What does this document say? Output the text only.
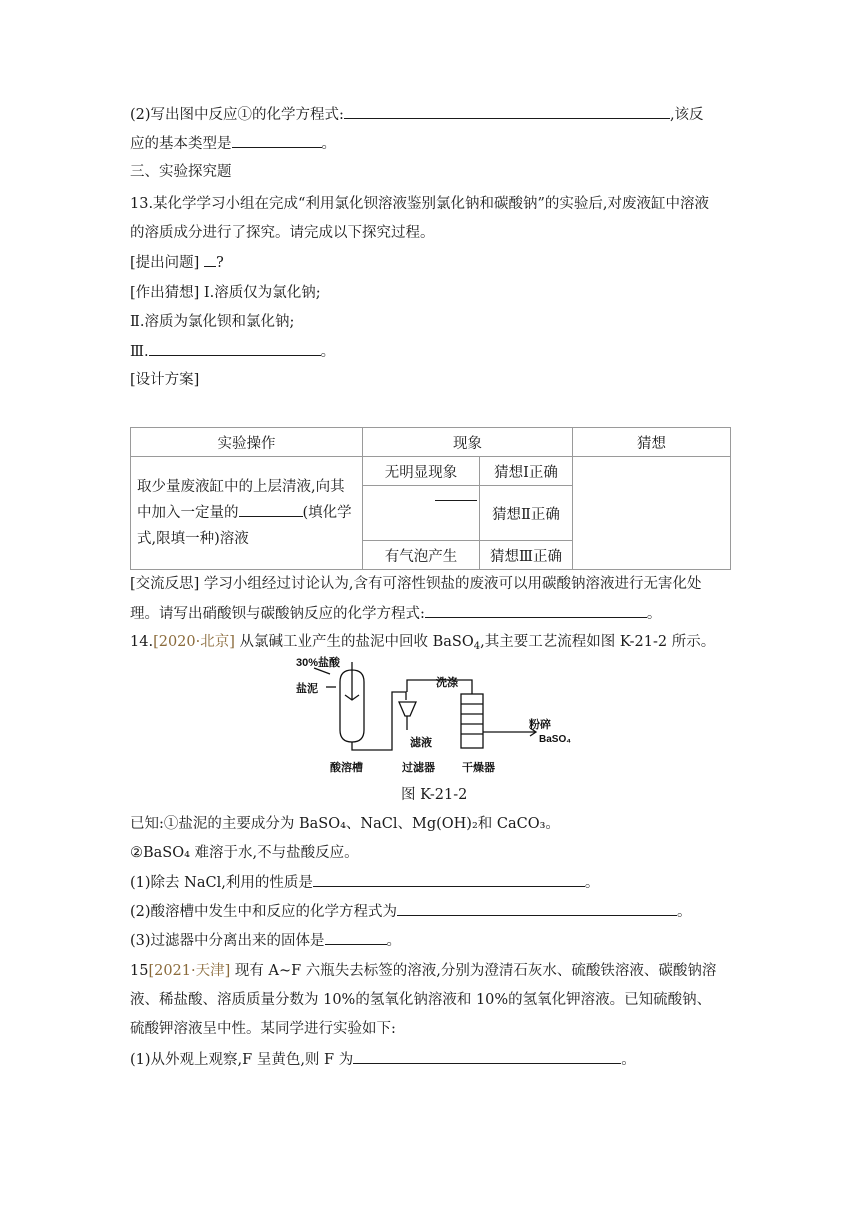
(2)写出图中反应①的化学方程式:	,该反
应的基本类型是	。
三、实验探究题
13.某化学学习小组在完成“利用氯化钡溶液鉴别氯化钠和碳酸钠”的实验后,对废液缸中溶液
的溶质成分进行了探究。请完成以下探究过程。
[提出问题] ?
[作出猜想] Ⅰ.溶质仅为氯化钠;
Ⅱ.溶质为氯化钡和氯化钠;
Ⅲ.	。
[设计方案]
实验操作	现象		猜想
取少量废液缸中的上层清液,向其中加入一定量的 (填化学式,限填一种)溶液	无明显现象	猜想Ⅰ正确	

		猜想Ⅱ正确	
	有气泡产生	猜想Ⅲ正确	
[交流反思] 学习小组经过讨论认为,含有可溶性钡盐的废液可以用碳酸钠溶液进行无害化处
理。请写出硝酸钡与碳酸钠反应的化学方程式:	。
14.[2020·北京] 从氯碱工业产生的盐泥中回收 BaSO$_4$,其主要工艺流程如图 K-21-2 所示。
30%盐酸
盐泥	洗涤
滤液
粉碎
BaSO₄
酸溶槽	过滤器 干燥器
图 K-21-2
已知:①盐泥的主要成分为 BaSO₄、NaCl、Mg(OH)₂和 CaCO₃。
②BaSO₄ 难溶于水,不与盐酸反应。
(1)除去 NaCl,利用的性质是	。
(2)酸溶槽中发生中和反应的化学方程式为	。
(3)过滤器中分离出来的固体是	。
15[2021·天津] 现有 A~F 六瓶失去标签的溶液,分别为澄清石灰水、硫酸铁溶液、碳酸钠溶
液、稀盐酸、溶质质量分数为 10%的氢氧化钠溶液和 10%的氢氧化钾溶液。已知硫酸钠、
硫酸钾溶液呈中性。某同学进行实验如下:
(1)从外观上观察,F 呈黄色,则 F 为	。
